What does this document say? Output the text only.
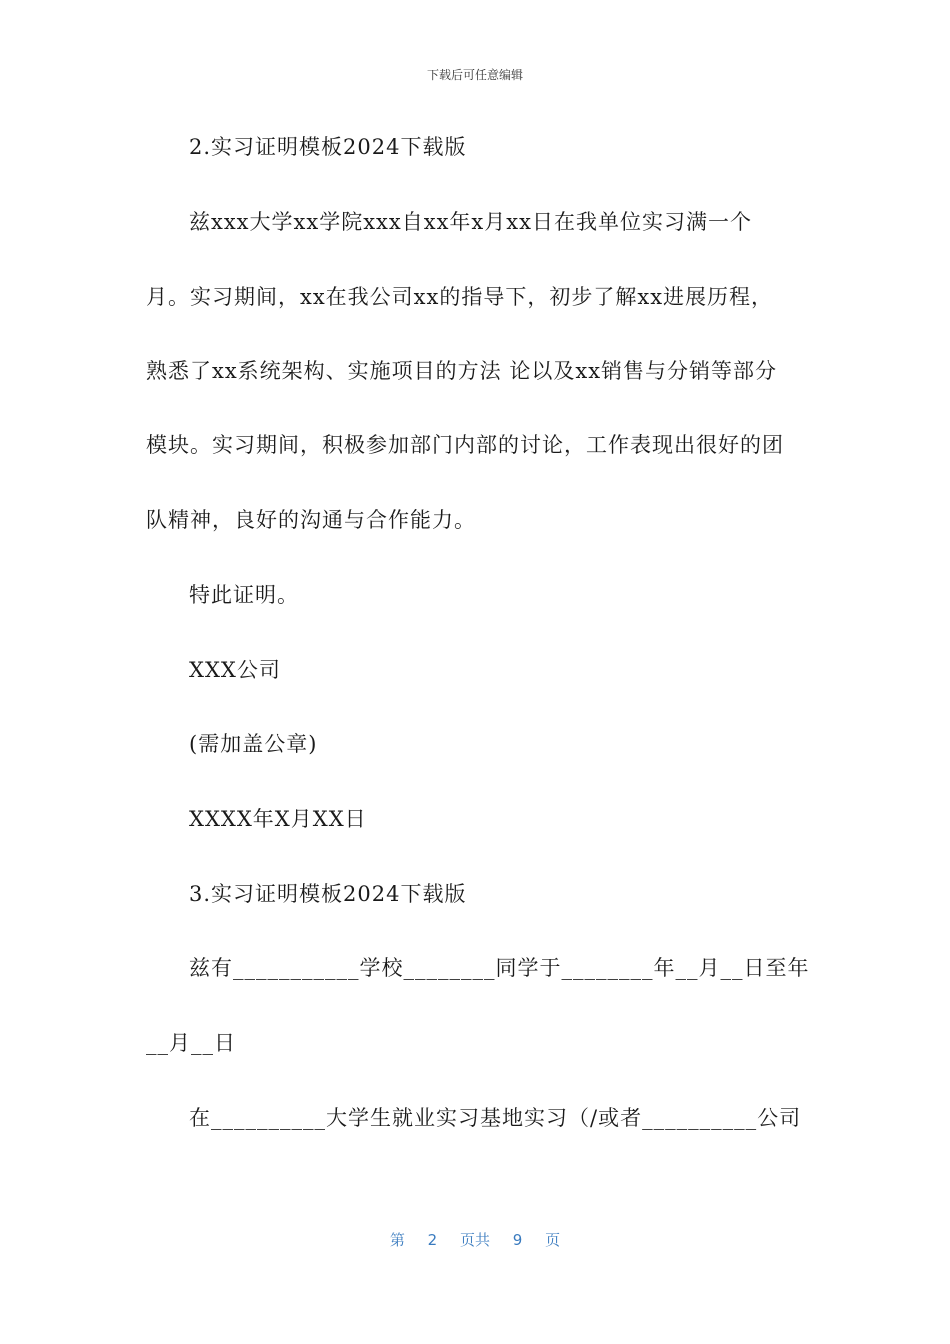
下载后可任意编辑
2.实习证明模板2024下载版
兹xxx大学xx学院xxx自xx年x月xx日在我单位实习满一个
月。实习期间，xx在我公司xx的指导下，初步了解xx进展历程，
熟悉了xx系统架构、实施项目的方法 论以及xx销售与分销等部分
模块。实习期间，积极参加部门内部的讨论，工作表现出很好的团
队精神，良好的沟通与合作能力。
特此证明。
XXX公司
(需加盖公章)
XXXX年X月XX日
3.实习证明模板2024下载版
兹有___________学校________同学于________年__月__日至年
__月__日
在__________大学生就业实习基地实习（/或者__________公司
第 2 页共 9 页
